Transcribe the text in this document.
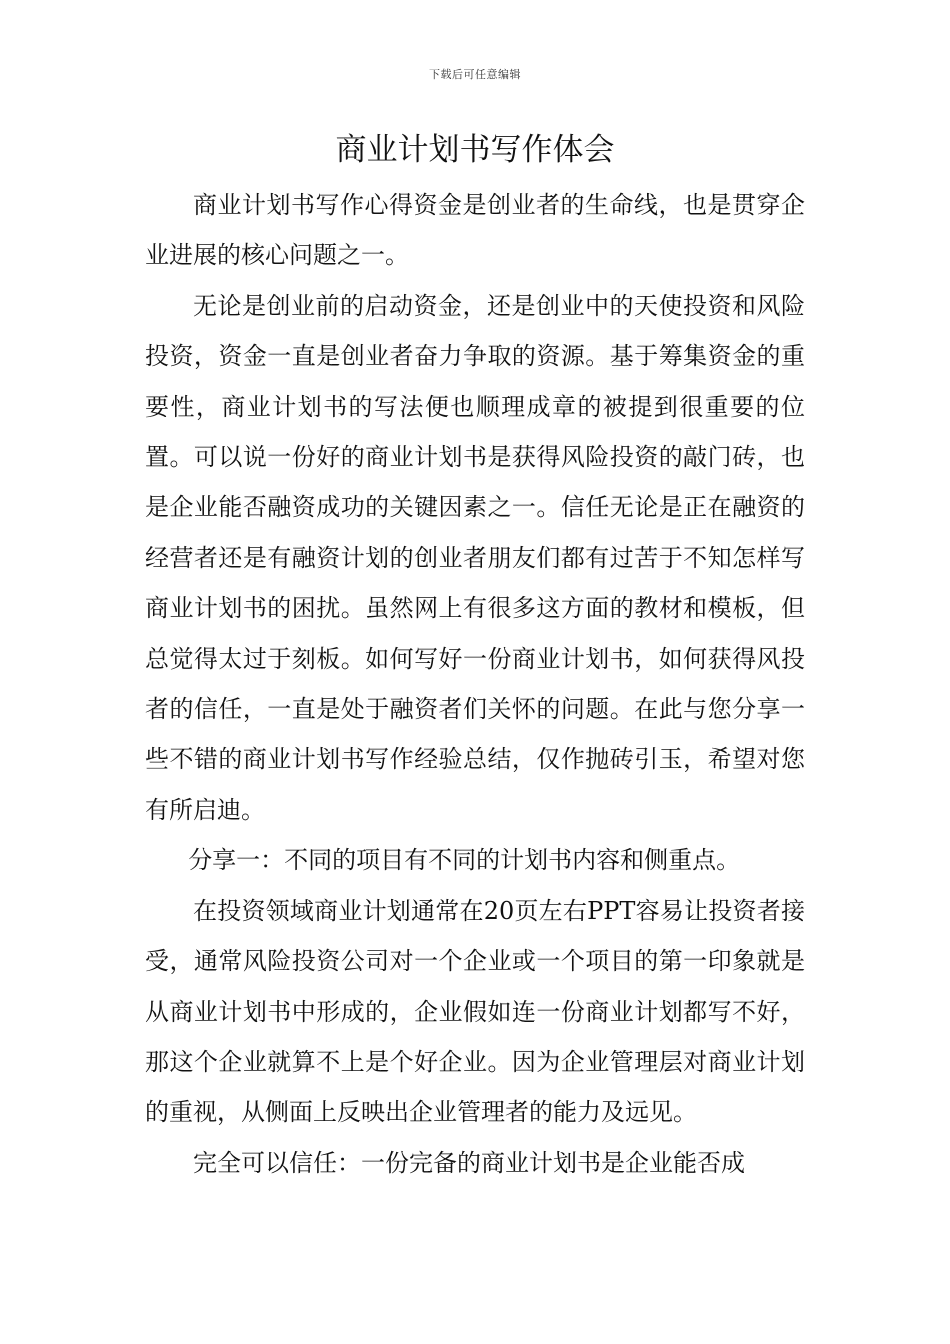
下载后可任意编辑
商业计划书写作体会

商业计划书写作心得资金是创业者的生命线，也是贯穿企业进展的核心问题之一。

无论是创业前的启动资金，还是创业中的天使投资和风险投资，资金一直是创业者奋力争取的资源。基于筹集资金的重要性，商业计划书的写法便也顺理成章的被提到很重要的位置。可以说一份好的商业计划书是获得风险投资的敲门砖，也是企业能否融资成功的关键因素之一。信任无论是正在融资的经营者还是有融资计划的创业者朋友们都有过苦于不知怎样写商业计划书的困扰。虽然网上有很多这方面的教材和模板，但总觉得太过于刻板。如何写好一份商业计划书，如何获得风投者的信任，一直是处于融资者们关怀的问题。在此与您分享一些不错的商业计划书写作经验总结，仅作抛砖引玉，希望对您有所启迪。

分享一：不同的项目有不同的计划书内容和侧重点。

在投资领域商业计划通常在20页左右PPT容易让投资者接受，通常风险投资公司对一个企业或一个项目的第一印象就是从商业计划书中形成的，企业假如连一份商业计划都写不好，那这个企业就算不上是个好企业。因为企业管理层对商业计划的重视，从侧面上反映出企业管理者的能力及远见。

完全可以信任：一份完备的商业计划书是企业能否成
